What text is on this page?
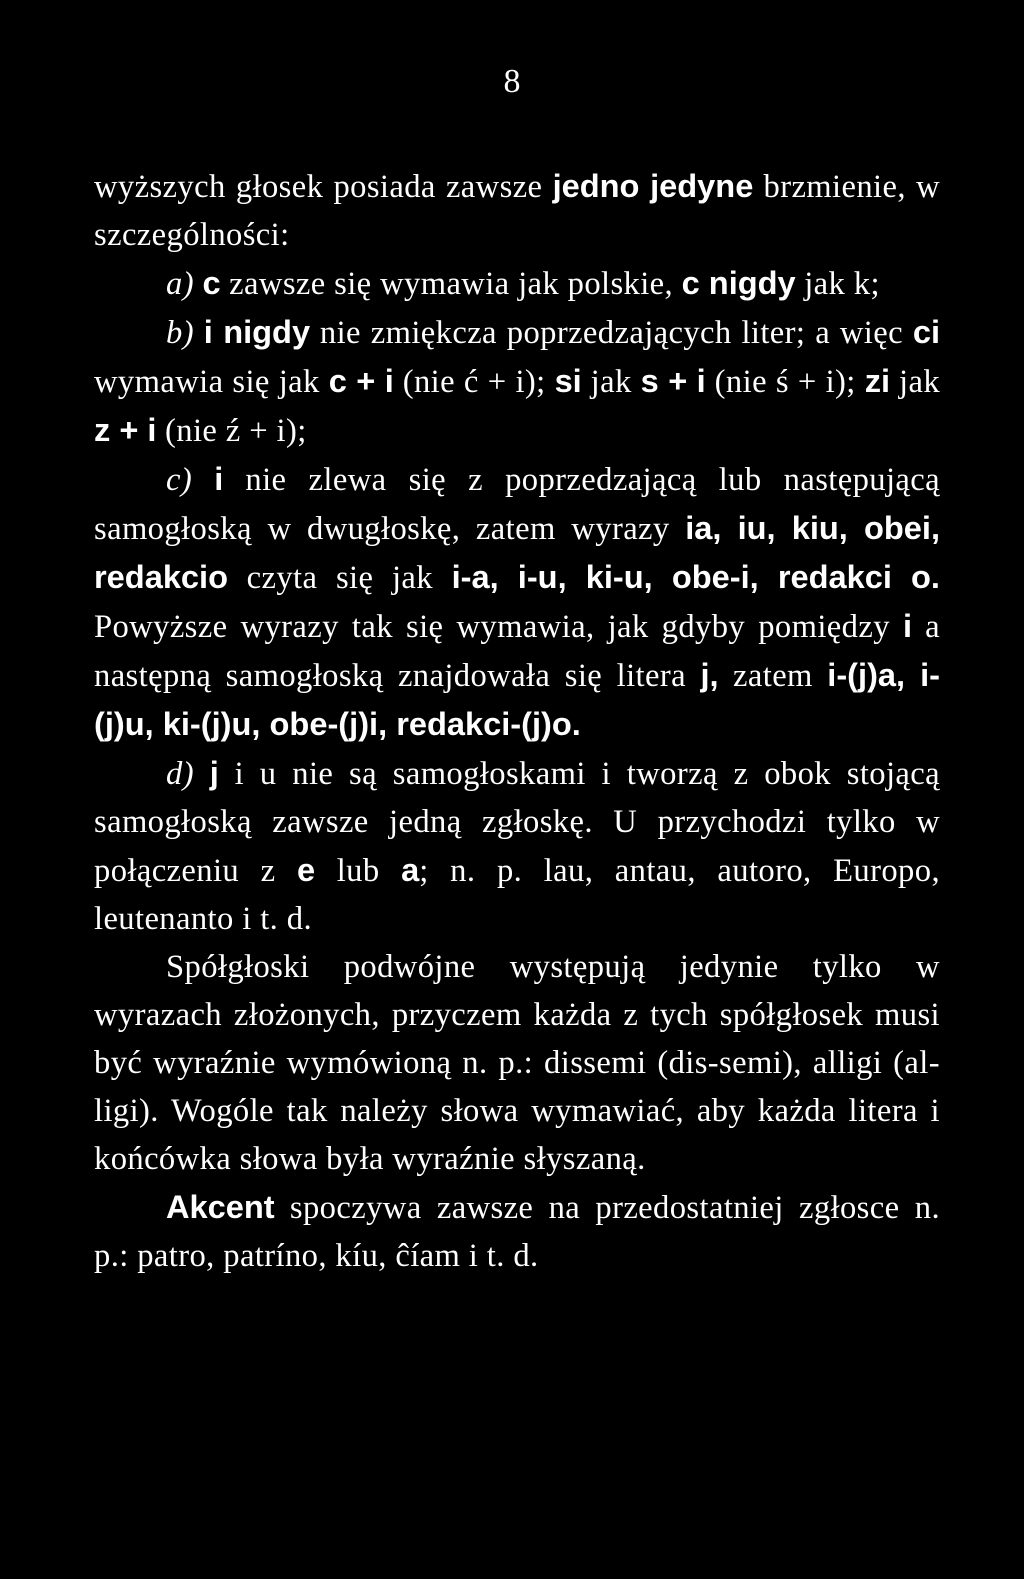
8

wyższych głosek posiada zawsze jedno jedyne brzmienie, w szczególności:

a) c zawsze się wymawia jak polskie, c nigdy jak k;

b) i nigdy nie zmiękcza poprzedzających liter; a więc ci wymawia się jak c + i (nie ć + i); si jak s + i (nie ś + i); zi jak z + i (nie ź + i);

c) i nie zlewa się z poprzedzającą lub następującą samogłoską w dwugłoskę, zatem wyrazy ia, iu, kiu, obei, redakcio czyta się jak i-a, i-u, ki-u, obe-i, redakci o. Powyższe wyrazy tak się wymawia, jak gdyby pomiędzy i a następną samogłoską znajdowała się litera j, zatem i-(j)a, i-(j)u, ki-(j)u, obe-(j)i, redakci-(j)o.

d) j i u nie są samogłoskami i tworzą z obok stojącą samogłoską zawsze jedną zgłoskę. U przychodzi tylko w połączeniu z e lub a; n. p. lau, antau, autoro, Europo, leutenanto i t. d.

Spółgłoski podwójne występują jedynie tylko w wyrazach złożonych, przyczem każda z tych spółgłosek musi być wyraźnie wymówioną n. p.: dissemi (dis-semi), alligi (al-ligi). Wogóle tak należy słowa wymawiać, aby każda litera i końcówka słowa była wyraźnie słyszaną.

Akcent spoczywa zawsze na przedostatniej zgłosce n. p.: patro, patríno, kíu, ĉíam i t. d.
